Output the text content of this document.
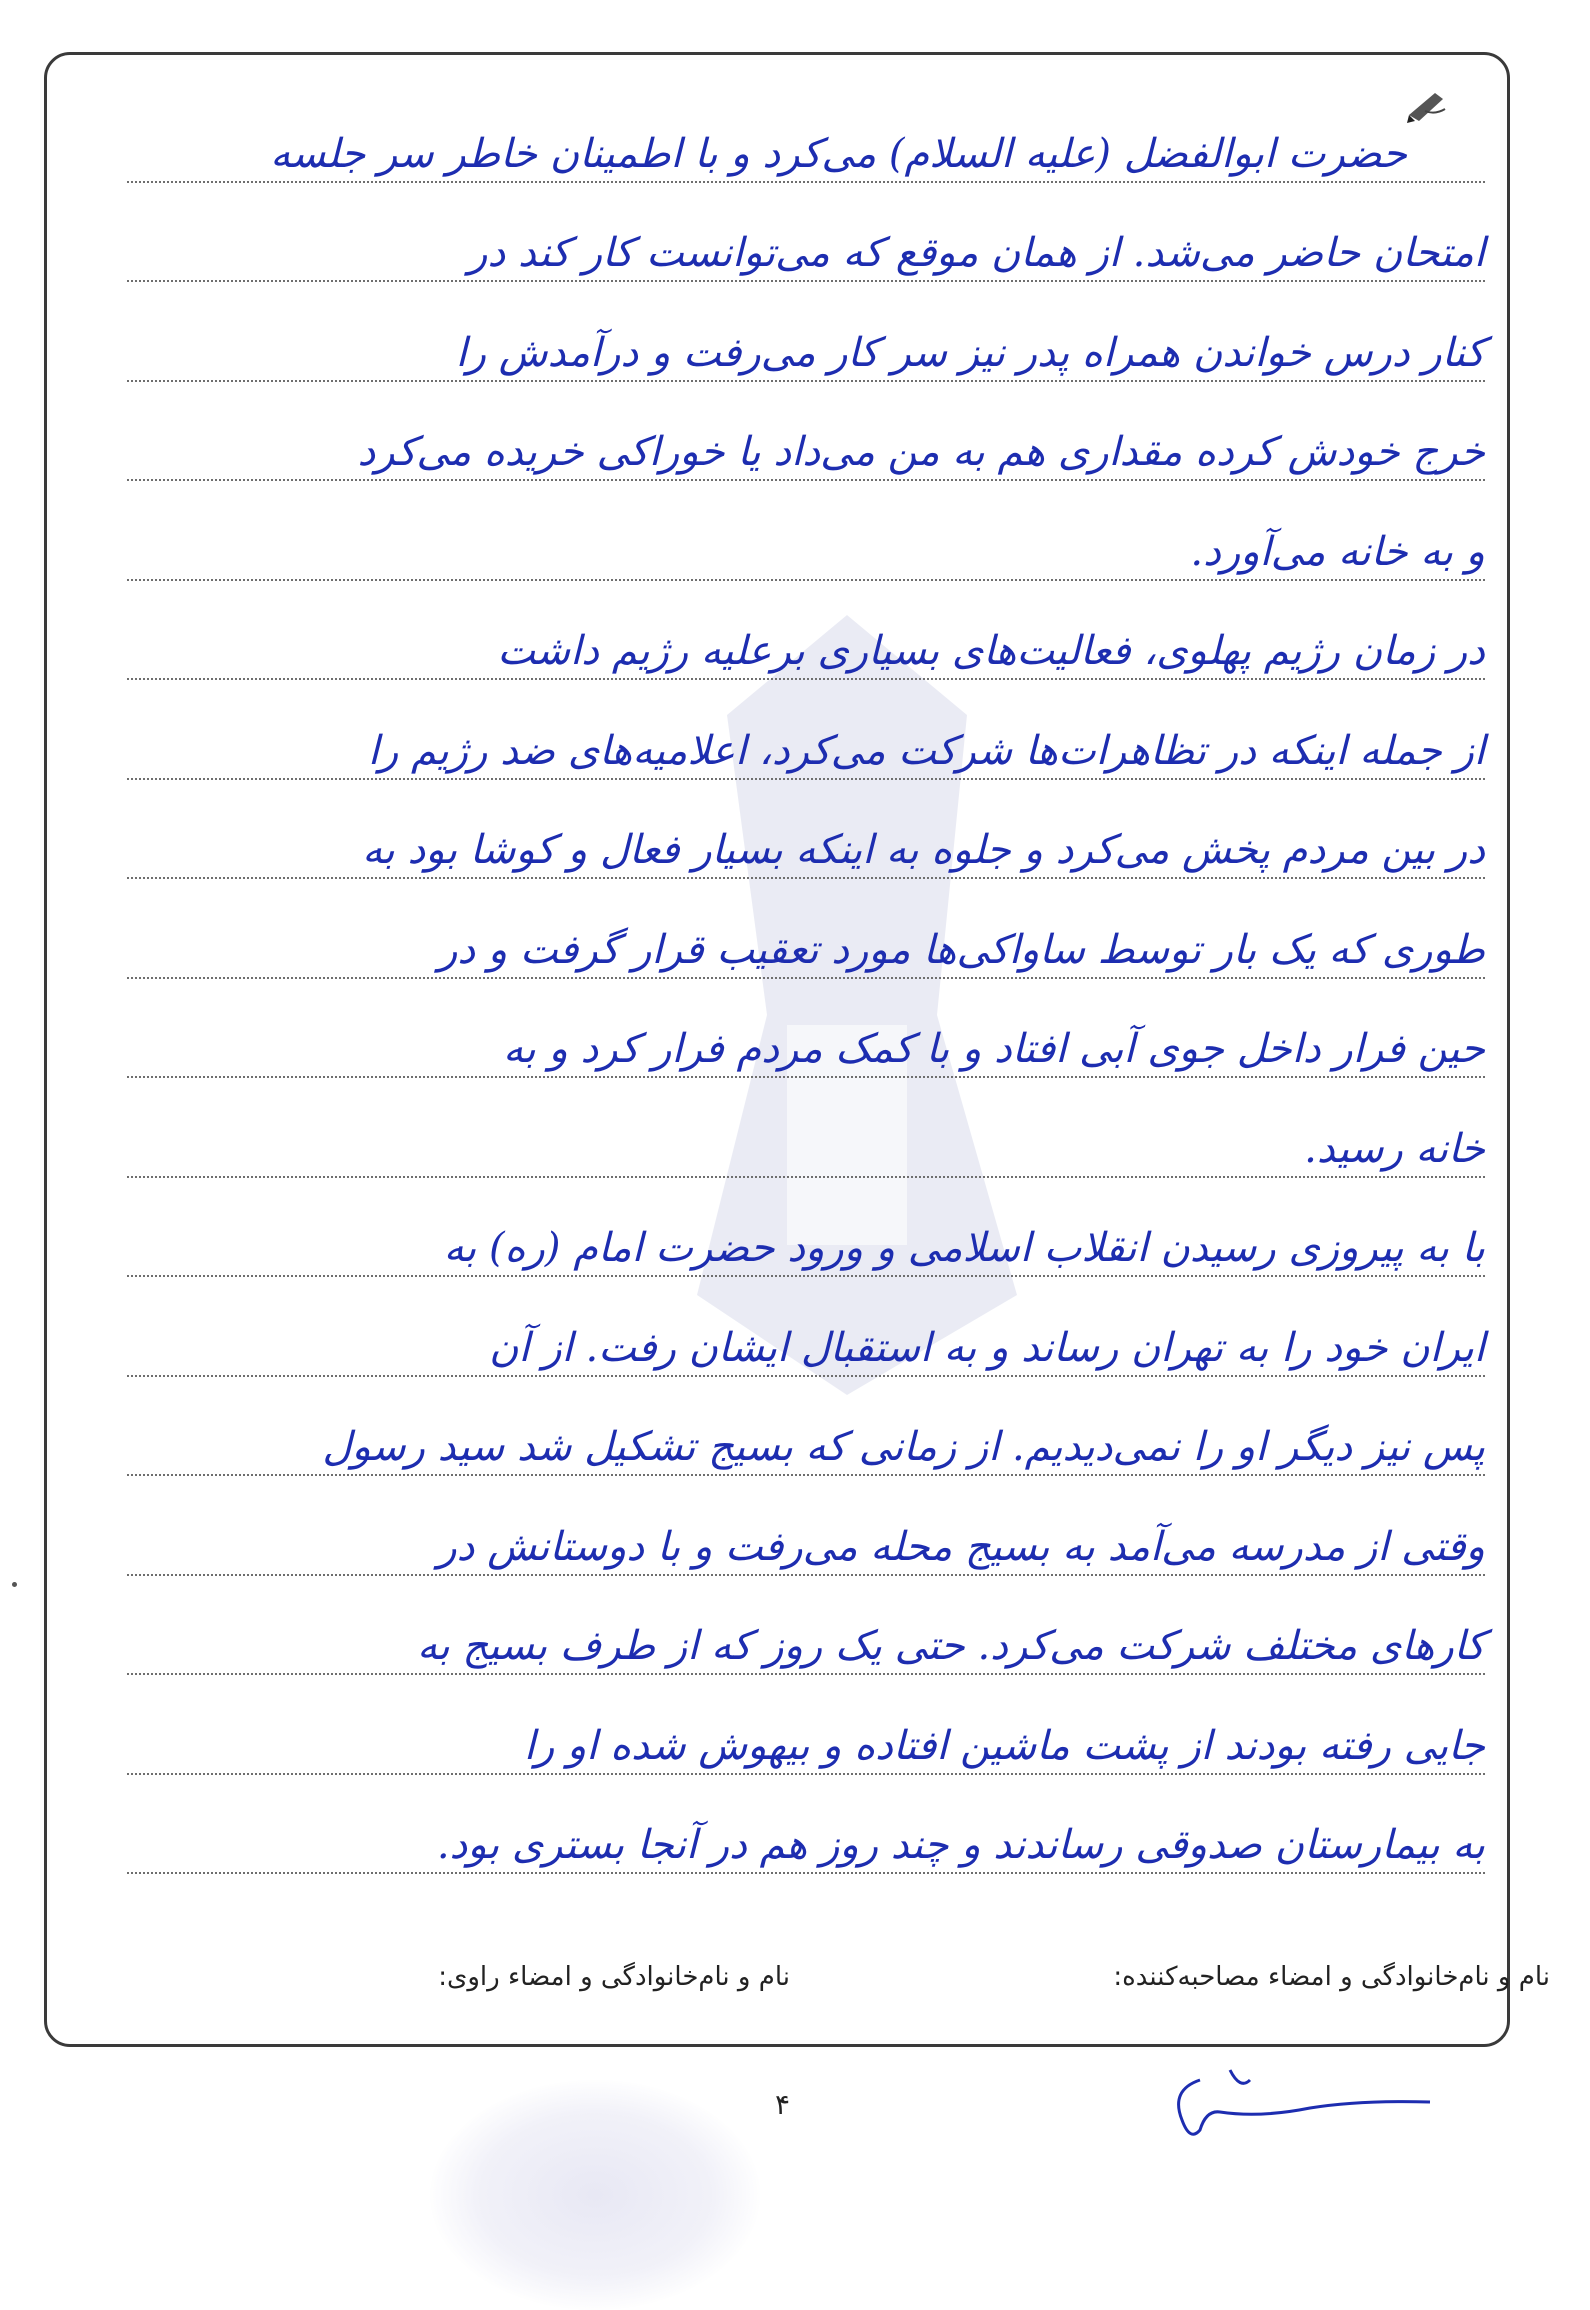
حضرت ابوالفضل (علیه السلام) می‌کرد و با اطمینان خاطر سر جلسه
امتحان حاضر می‌شد. از همان موقع که می‌توانست کار کند در
کنار درس خواندن همراه پدر نیز سر کار می‌رفت و درآمدش را
خرج خودش کرده مقداری هم به من می‌داد یا خوراکی خریده می‌کرد
و به خانه می‌آورد.
در زمان رژیم پهلوی، فعالیت‌های بسیاری برعلیه رژیم داشت
از جمله اینکه در تظاهرات‌ها شرکت می‌کرد، اعلامیه‌های ضد رژیم را
در بین مردم پخش می‌کرد و جلوه به اینکه بسیار فعال و کوشا بود به
طوری که یک بار توسط ساواکی‌ها مورد تعقیب قرار گرفت و در
حین فرار داخل جوی آبی افتاد و با کمک مردم فرار کرد و به
خانه رسید.
با به پیروزی رسیدن انقلاب اسلامی و ورود حضرت امام (ره) به
ایران خود را به تهران رساند و به استقبال ایشان رفت. از آن
پس نیز دیگر او را نمی‌دیدیم. از زمانی که بسیج تشکیل شد سید رسول
وقتی از مدرسه می‌آمد به بسیج محله می‌رفت و با دوستانش در
کارهای مختلف شرکت می‌کرد. حتی یک روز که از طرف بسیج به
جایی رفته بودند از پشت ماشین افتاده و بیهوش شده او را
به بیمارستان صدوقی رساندند و چند روز هم در آنجا بستری بود.
نام و نام‌خانوادگی و امضاء مصاحبه‌کننده:
نام و نام‌خانوادگی و امضاء راوی:
۴
